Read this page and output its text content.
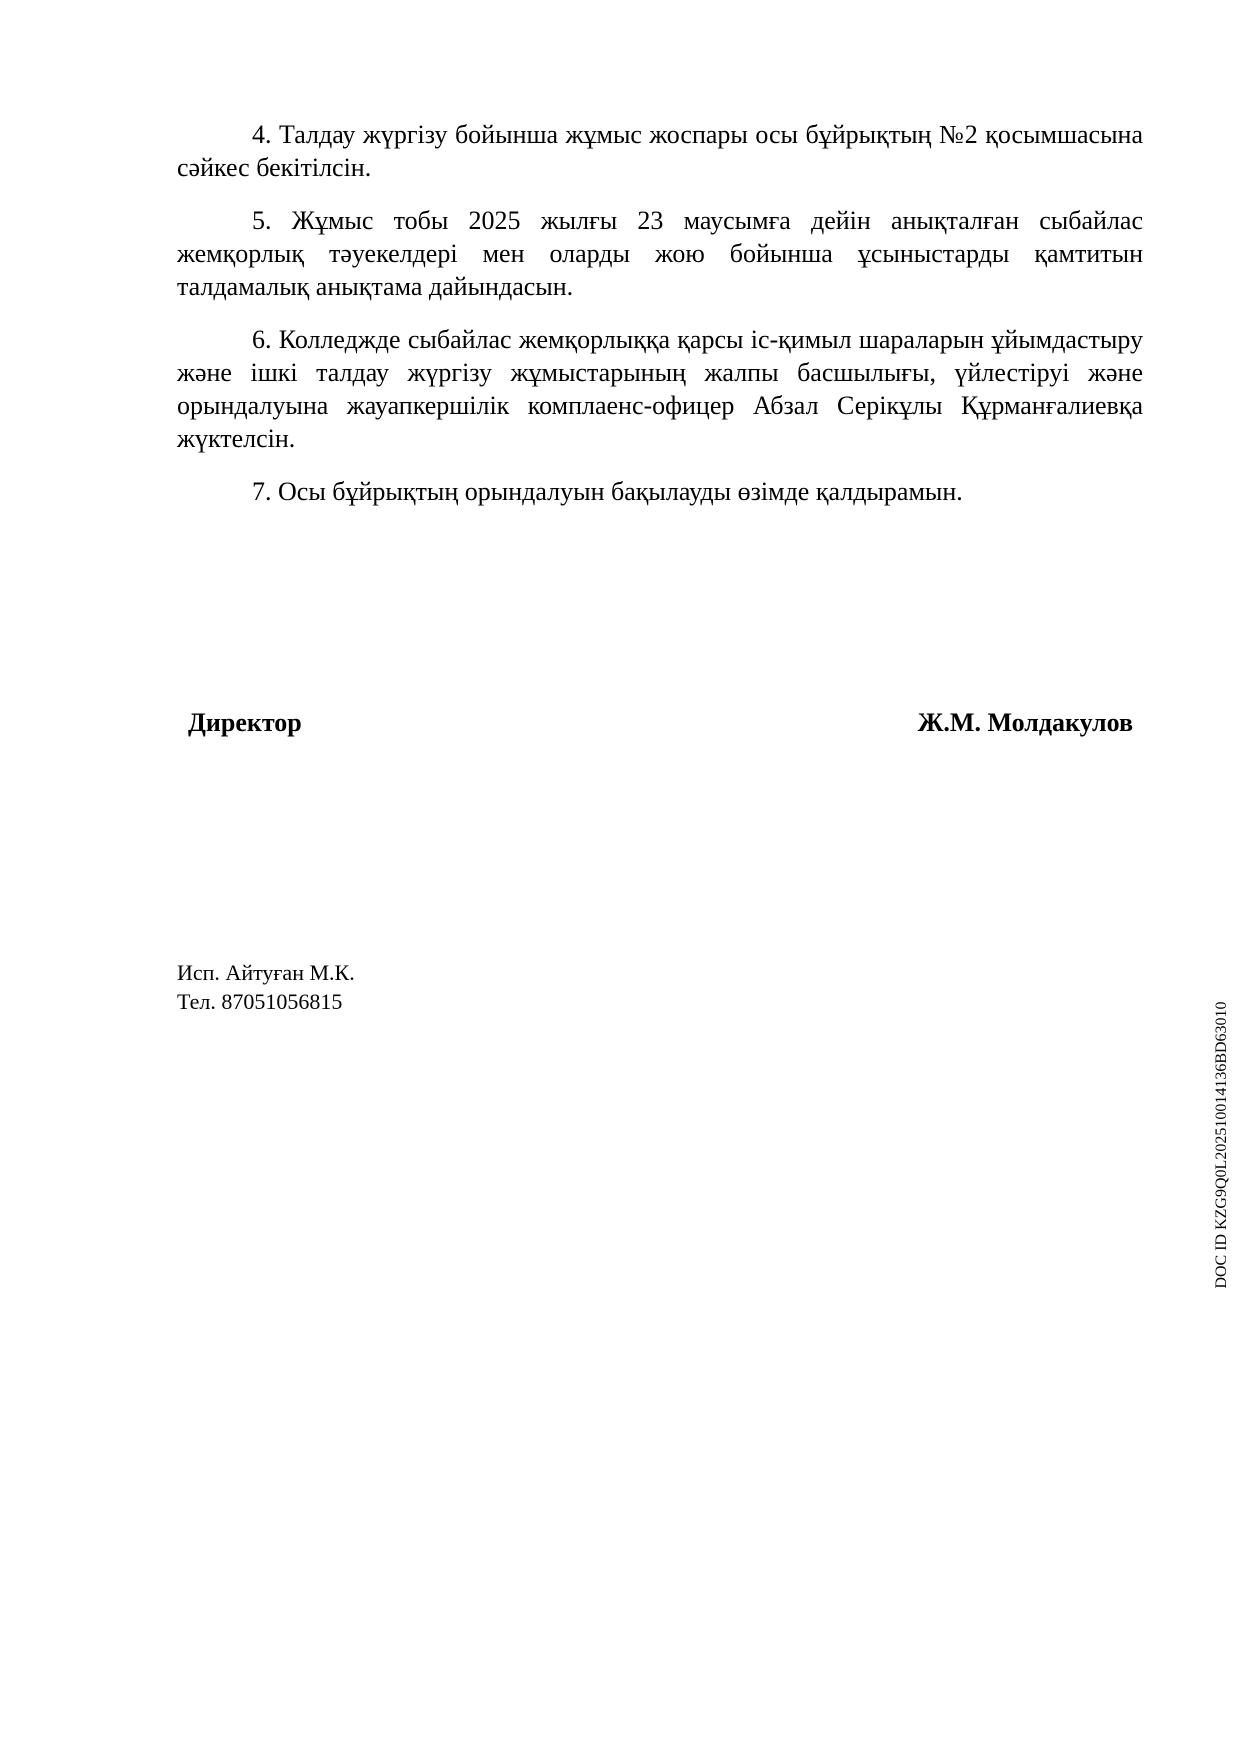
4. Талдау жүргізу бойынша жұмыс жоспары осы бұйрықтың №2 қосымшасына сәйкес бекітілсін.

5. Жұмыс тобы 2025 жылғы 23 маусымға дейін анықталған сыбайлас жемқорлық тәуекелдері мен оларды жою бойынша ұсыныстарды қамтитын талдамалық анықтама дайындасын.

6. Колледжде сыбайлас жемқорлыққа қарсы іс-қимыл шараларын ұйымдастыру және ішкі талдау жүргізу жұмыстарының жалпы басшылығы, үйлестіруі және орындалуына жауапкершілік комплаенс-офицер Абзал Серікұлы Құрманғалиевқа жүктелсін.

7. Осы бұйрықтың орындалуын бақылауды өзімде қалдырамын.

Директор	Ж.М. Молдакулов
Исп. Айтуған М.К.
Тел. 87051056815	DOC ID KZG9Q0L202510014136BD63010
